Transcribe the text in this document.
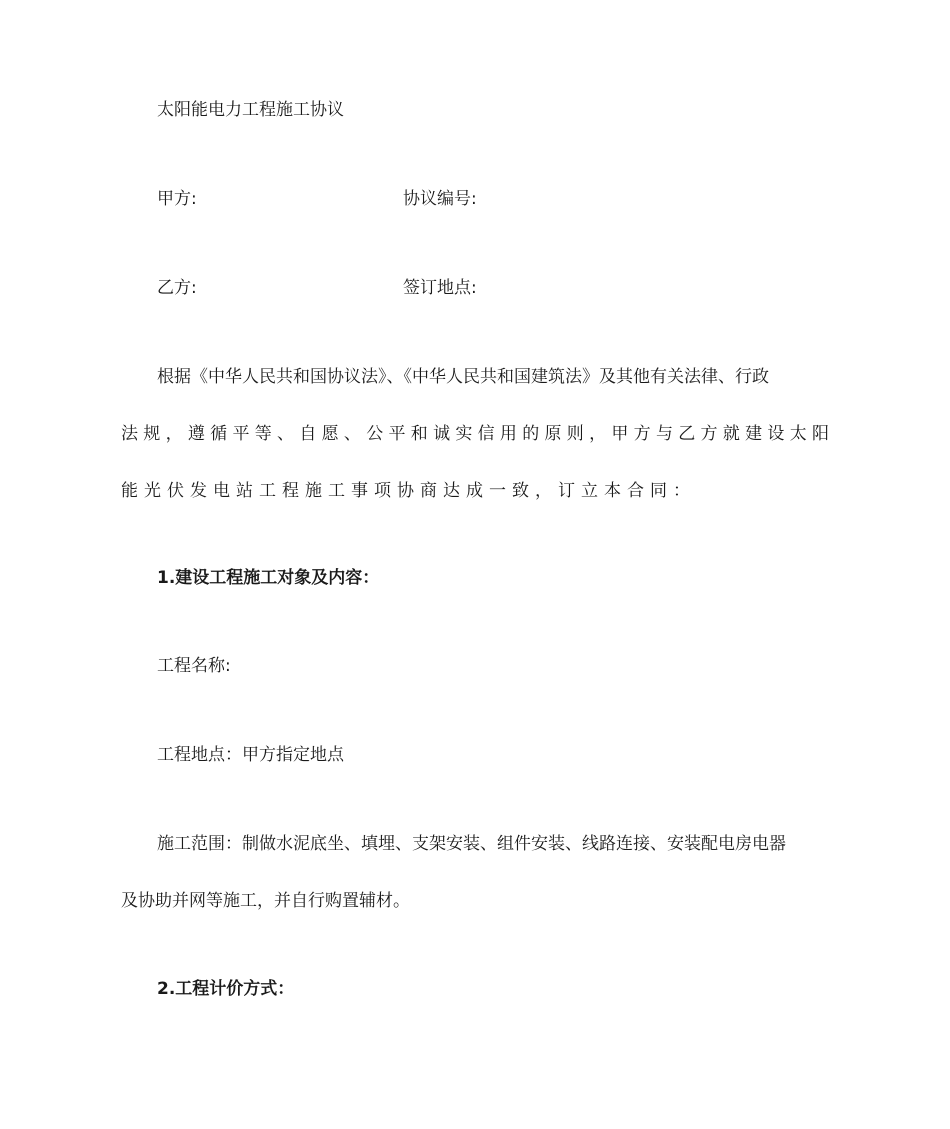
太阳能电力工程施工协议
甲方:	协议编号:
乙方:	签订地点:
根据《中华人民共和国协议法》、《中华人民共和国建筑法》及其他有关法律、行政
法规，遵循平等、自愿、公平和诚实信用的原则，甲方与乙方就建设太阳
能光伏发电站工程施工事项协商达成一致，订立本合同：
1.建设工程施工对象及内容：
工程名称:
工程地点：甲方指定地点
施工范围：制做水泥底坐、填埋、支架安装、组件安装、线路连接、安装配电房电器
及协助并网等施工，并自行购置辅材。
2.工程计价方式：
